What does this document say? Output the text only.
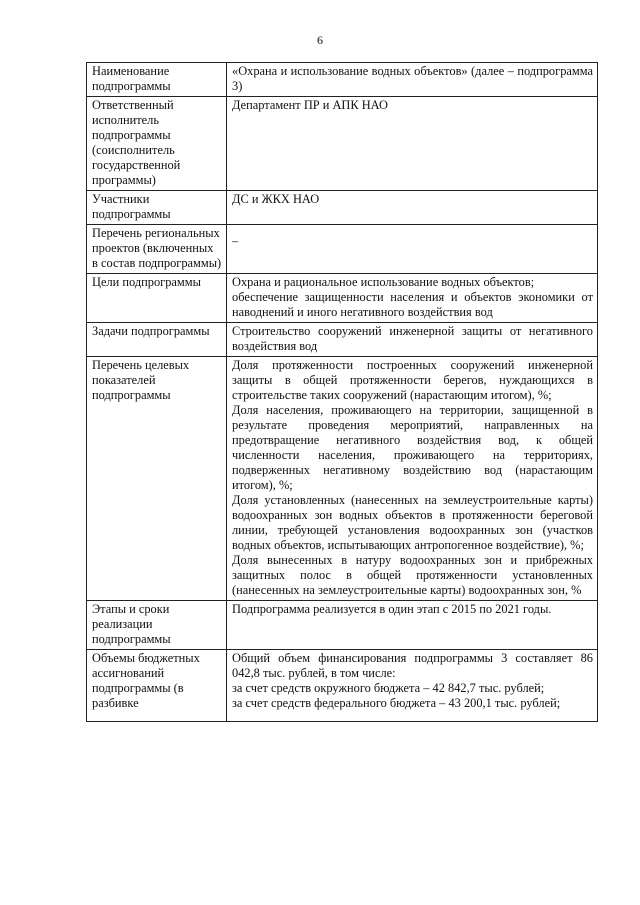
6
Наименование подпрограммы	«Охрана и использование водных объектов» (далее – подпрограмма 3)

Ответственный исполнитель подпрограммы (соисполнитель государственной программы)	Департамент ПР и АПК НАО

Участники подпрограммы	ДС и ЖКХ НАО

Перечень региональных проектов (включенных в состав подпрограммы)	–

Цели подпрограммы	Охрана и рациональное использование водных объектов;
обеспечение защищенности населения и объектов экономики от наводнений и иного негативного воздействия вод

Задачи подпрограммы	Строительство сооружений инженерной защиты от негативного воздействия вод

Перечень целевых показателей подпрограммы	Доля протяженности построенных сооружений инженерной защиты в общей протяженности берегов, нуждающихся в строительстве таких сооружений (нарастающим итогом), %;
Доля населения, проживающего на территории, защищенной в результате проведения мероприятий, направленных на предотвращение негативного воздействия вод, к общей численности населения, проживающего на территориях, подверженных негативному воздействию вод (нарастающим итогом), %;
Доля установленных (нанесенных на землеустроительные карты) водоохранных зон водных объектов в протяженности береговой линии, требующей установления водоохранных зон (участков водных объектов, испытывающих антропогенное воздействие), %;
Доля вынесенных в натуру водоохранных зон и прибрежных защитных полос в общей протяженности установленных (нанесенных на землеустроительные карты) водоохранных зон, %

Этапы и сроки реализации подпрограммы	Подпрограмма реализуется в один этап с 2015 по 2021 годы.

Объемы бюджетных ассигнований подпрограммы (в разбивке	Общий объем финансирования подпрограммы 3 составляет 86 042,8 тыс. рублей, в том числе:
за счет средств окружного бюджета – 42 842,7 тыс. рублей;
за счет средств федерального бюджета – 43 200,1 тыс. рублей;
